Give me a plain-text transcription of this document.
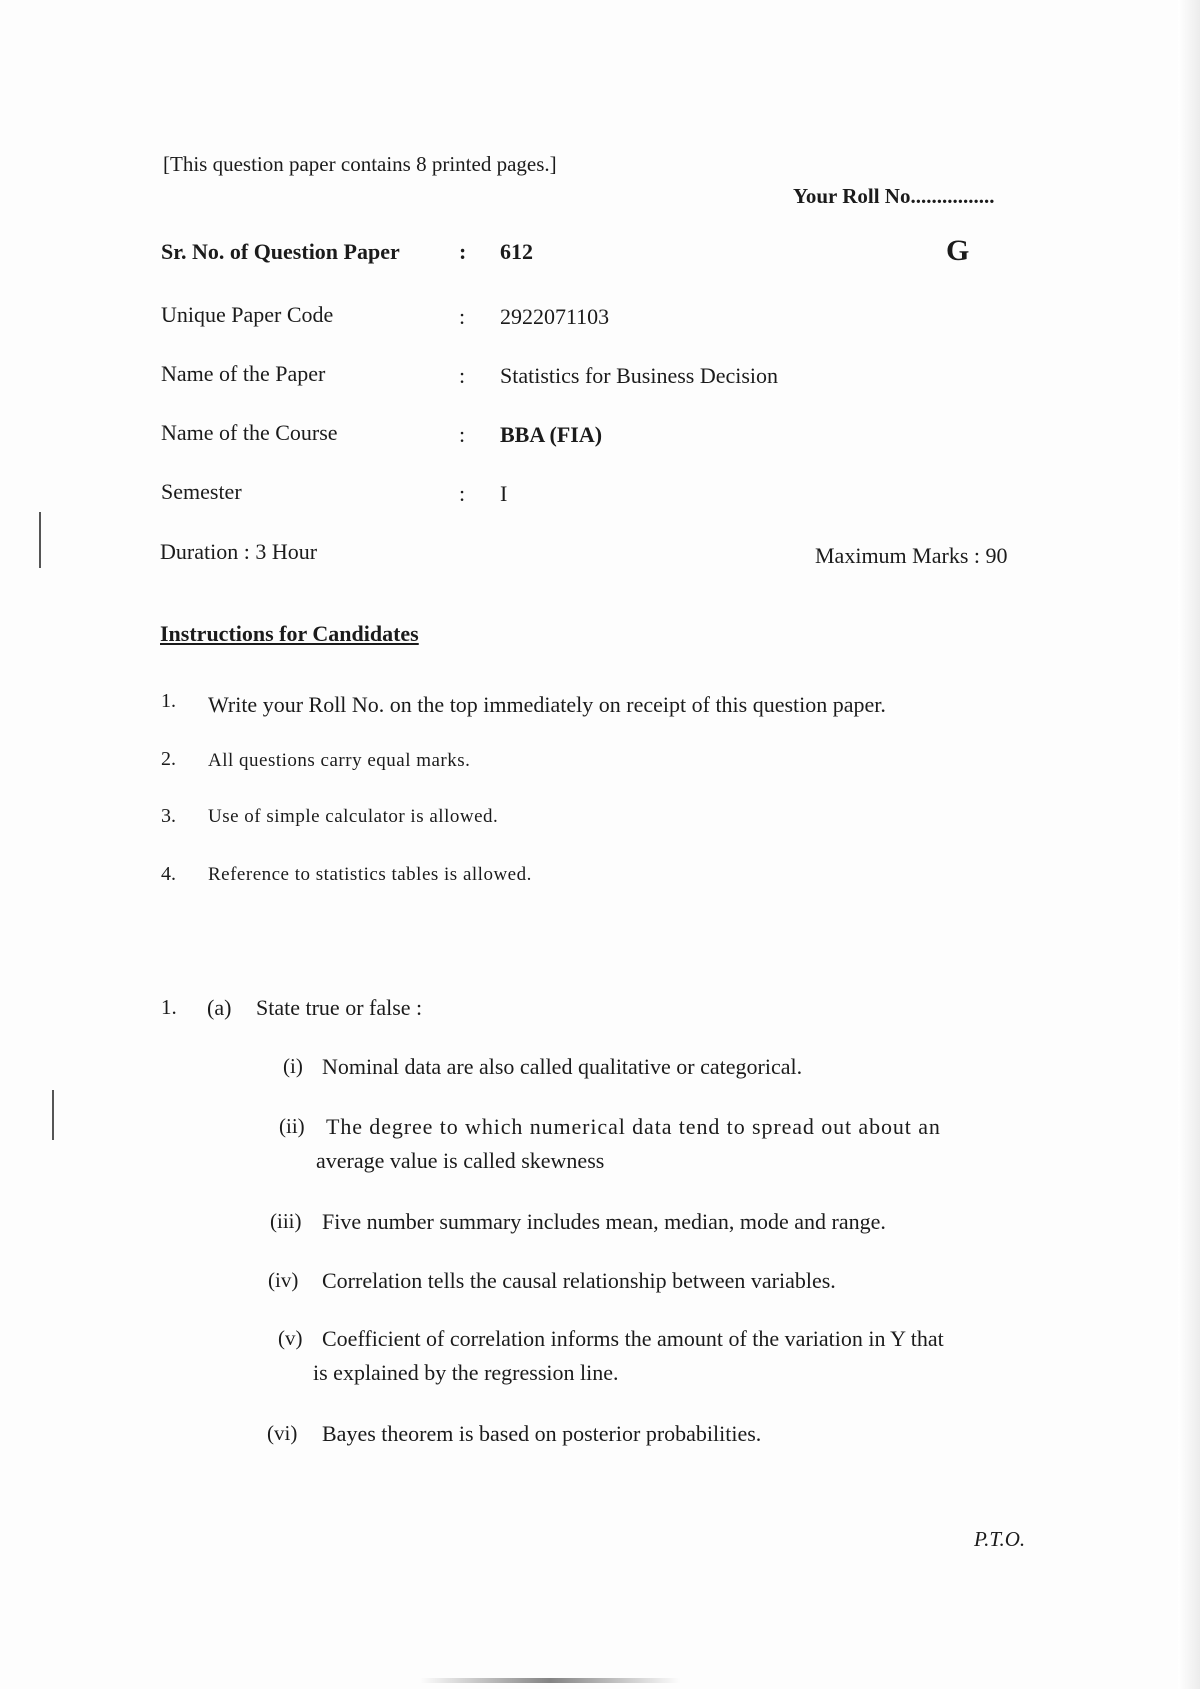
[This question paper contains 8 printed pages.]
Your Roll No................
G
Sr. No. of Question Paper	: 612
Unique Paper Code	: 2922071103
Name of the Paper	: Statistics for Business Decision
Name of the Course	: BBA (FIA)
Semester	: I
Duration : 3 Hour	Maximum Marks : 90
Instructions for Candidates
1. Write your Roll No. on the top immediately on receipt of this question paper.
2. All questions carry equal marks.
3. Use of simple calculator is allowed.
4. Reference to statistics tables is allowed.
1. (a) State true or false :
(i) Nominal data are also called qualitative or categorical.
(ii) The degree to which numerical data tend to spread out about an
average value is called skewness
(iii) Five number summary includes mean, median, mode and range.
(iv) Correlation tells the causal relationship between variables.
(v) Coefficient of correlation informs the amount of the variation in Y that
is explained by the regression line.
(vi) Bayes theorem is based on posterior probabilities.
P.T.O.
